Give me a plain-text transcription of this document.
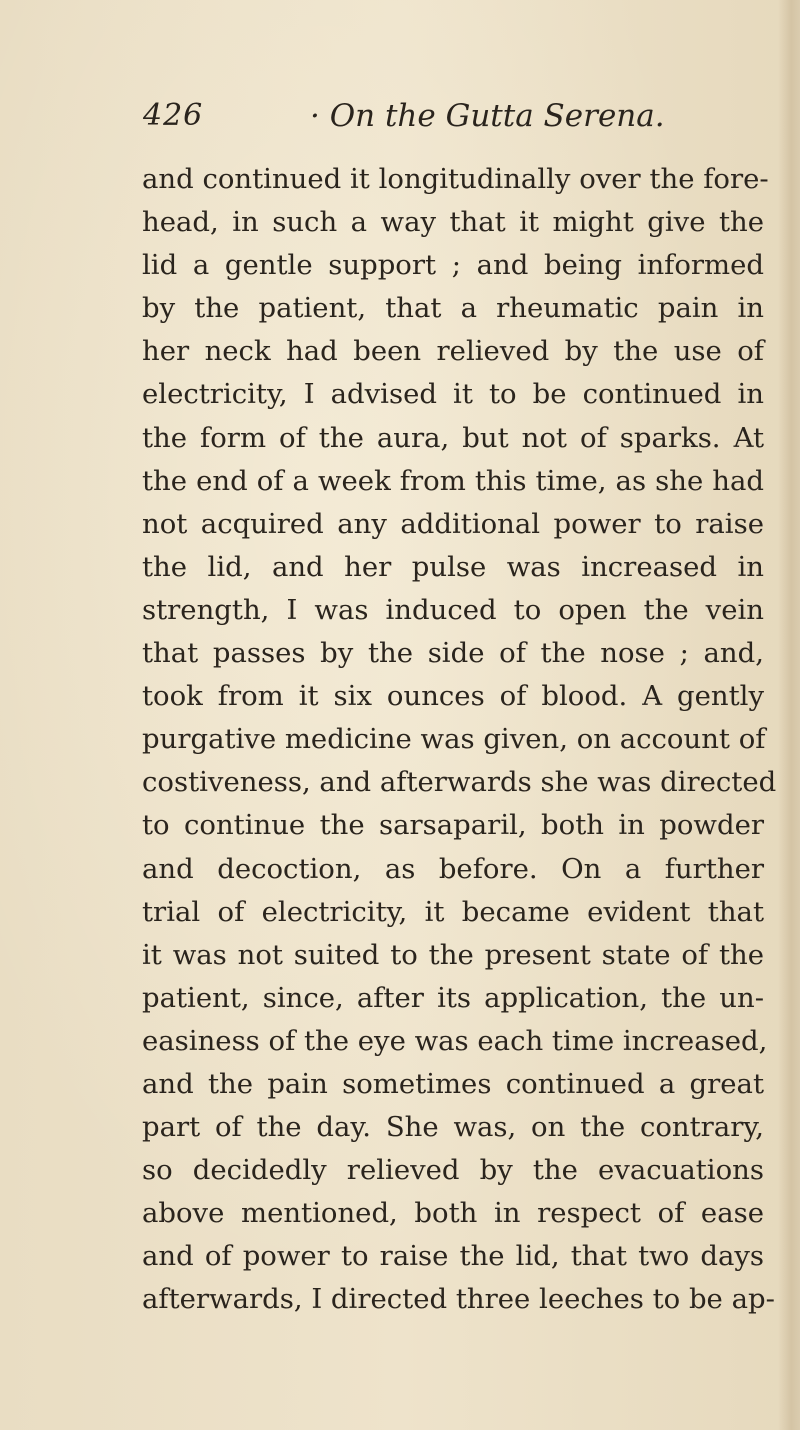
426	· On the Gutta Serena.
and continued it longitudinally over the fore-
head, in such a way that it might give the
lid a gentle support ; and being informed
by the patient, that a rheumatic pain in
her neck had been relieved by the use of
electricity, I advised it to be continued in
the form of the aura, but not of sparks. At
the end of a week from this time, as she had
not acquired any additional power to raise
the lid, and her pulse was increased in
strength, I was induced to open the vein
that passes by the side of the nose ; and,
took from it six ounces of blood. A gently
purgative medicine was given, on account of
costiveness, and afterwards she was directed
to continue the sarsaparil, both in powder
and decoction, as before. On a further
trial of electricity, it became evident that
it was not suited to the present state of the
patient, since, after its application, the un-
easiness of the eye was each time increased,
and the pain sometimes continued a great
part of the day. She was, on the contrary,
so decidedly relieved by the evacuations
above mentioned, both in respect of ease
and of power to raise the lid, that two days
afterwards, I directed three leeches to be ap-
